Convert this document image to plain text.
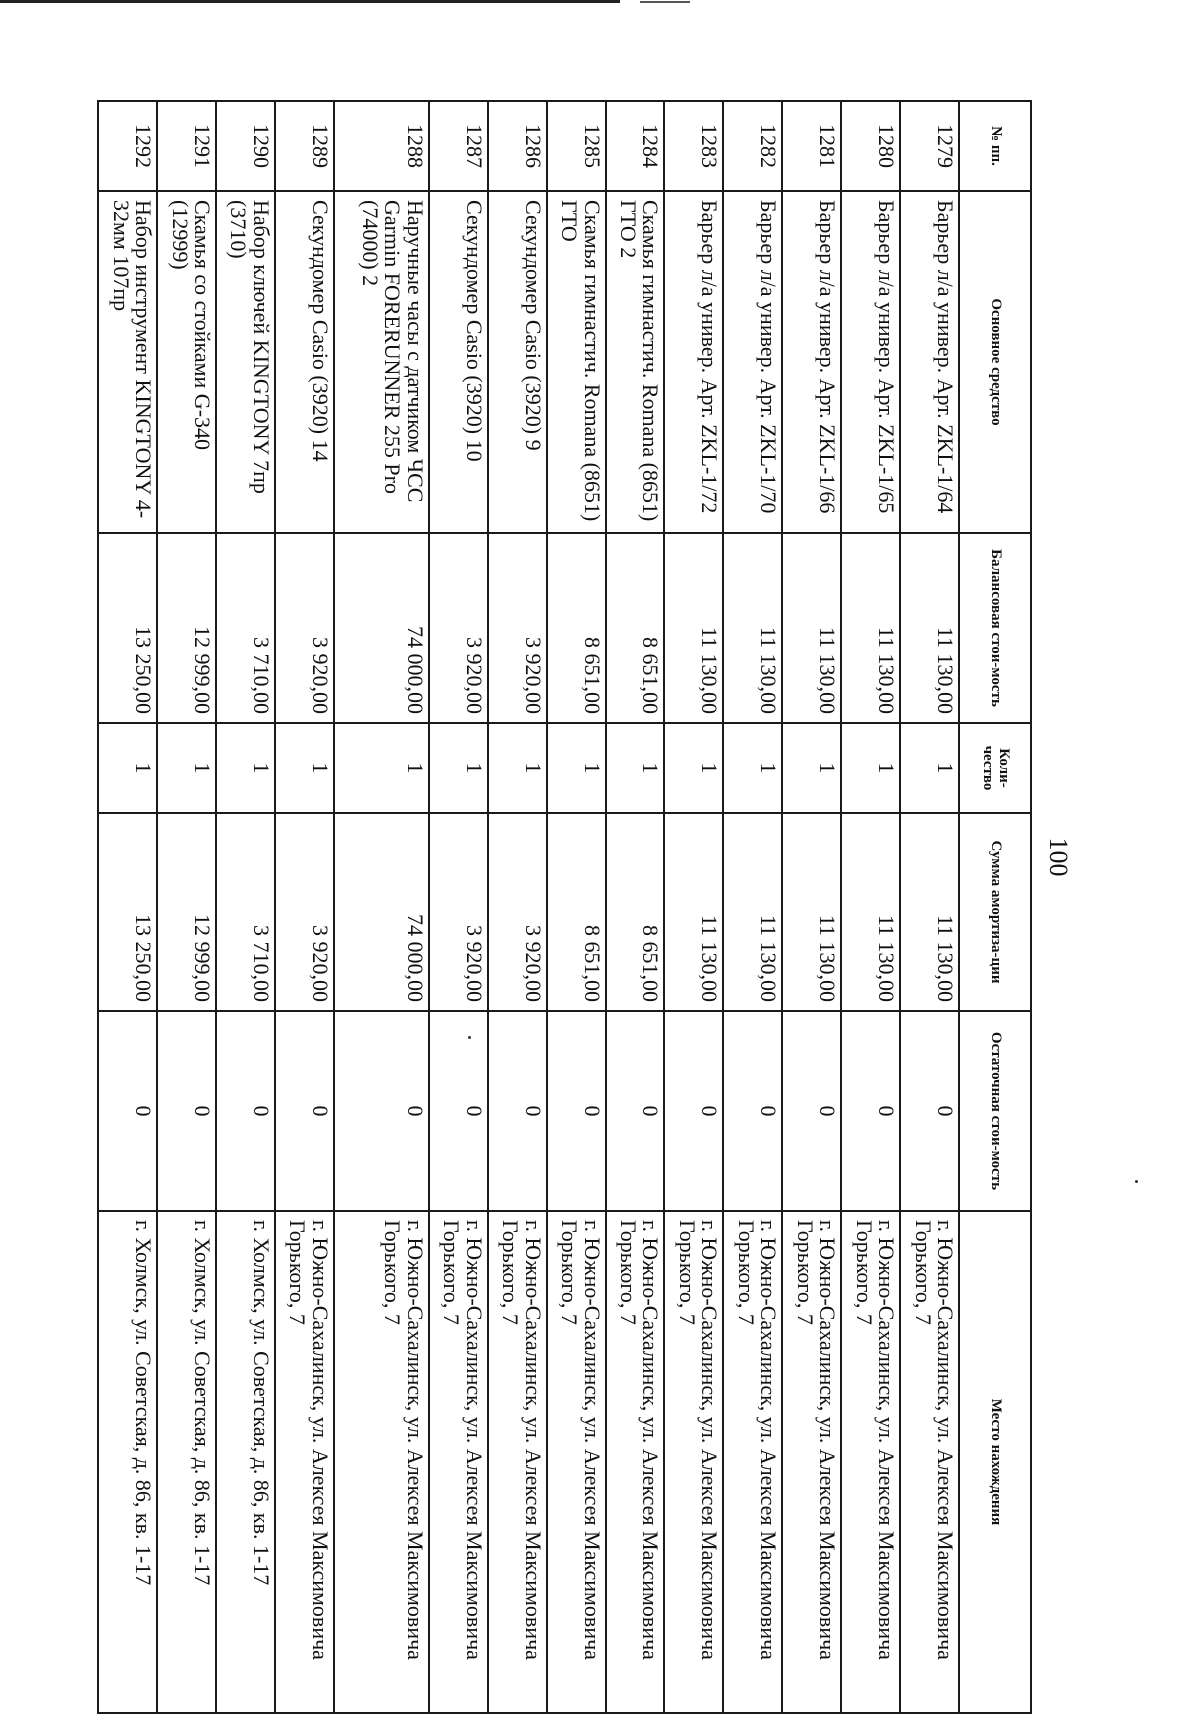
100
№ пп.	Основное средство	Балансовая стои-мость	Коли-чество	Сумма амортиза-ции	Остаточная стои-мость	Место нахождения
1279	Барьер л/а универ. Арт. ZKL-1/64	11 130,00	1	11 130,00	0	г. Южно-Сахалинск, ул. Алексея Максимовича Горького, 7
1280	Барьер л/а универ. Арт. ZKL-1/65	11 130,00	1	11 130,00	0	г. Южно-Сахалинск, ул. Алексея Максимовича Горького, 7
1281	Барьер л/а универ. Арт. ZKL-1/66	11 130,00	1	11 130,00	0	г. Южно-Сахалинск, ул. Алексея Максимовича Горького, 7
1282	Барьер л/а универ. Арт. ZKL-1/70	11 130,00	1	11 130,00	0	г. Южно-Сахалинск, ул. Алексея Максимовича Горького, 7
1283	Барьер л/а универ. Арт. ZKL-1/72	11 130,00	1	11 130,00	0	г. Южно-Сахалинск, ул. Алексея Максимовича Горького, 7
1284	Скамья гимнастич. Romana (8651) ГТО 2	8 651,00	1	8 651,00	0	г. Южно-Сахалинск, ул. Алексея Максимовича Горького, 7
1285	Скамья гимнастич. Romana (8651) ГТО	8 651,00	1	8 651,00	0	г. Южно-Сахалинск, ул. Алексея Максимовича Горького, 7
1286	Секундомер Casio (3920) 9	3 920,00	1	3 920,00	0	г. Южно-Сахалинск, ул. Алексея Максимовича Горького, 7
1287	Секундомер Casio (3920) 10	3 920,00	1	3 920,00	0	г. Южно-Сахалинск, ул. Алексея Максимовича Горького, 7
1288	Наручные часы с датчиком ЧСС Garmin FORERUNNER 255 Pro (74000) 2	74 000,00	1	74 000,00	0	г. Южно-Сахалинск, ул. Алексея Максимовича Горького, 7
1289	Секундомер Casio (3920) 14	3 920,00	1	3 920,00	0	г. Южно-Сахалинск, ул. Алексея Максимовича Горького, 7
1290	Набор ключей KINGTONY 7пр (3710)	3 710,00	1	3 710,00	0	г. Холмск, ул. Советская, д. 86, кв. 1-17
1291	Скамья со стойками G-340 (12999)	12 999,00	1	12 999,00	0	г. Холмск, ул. Советская, д. 86, кв. 1-17
1292	Набор инструмент KINGTONY 4-32мм 107пр	13 250,00	1	13 250,00	0	г. Холмск, ул. Советская, д. 86, кв. 1-17
